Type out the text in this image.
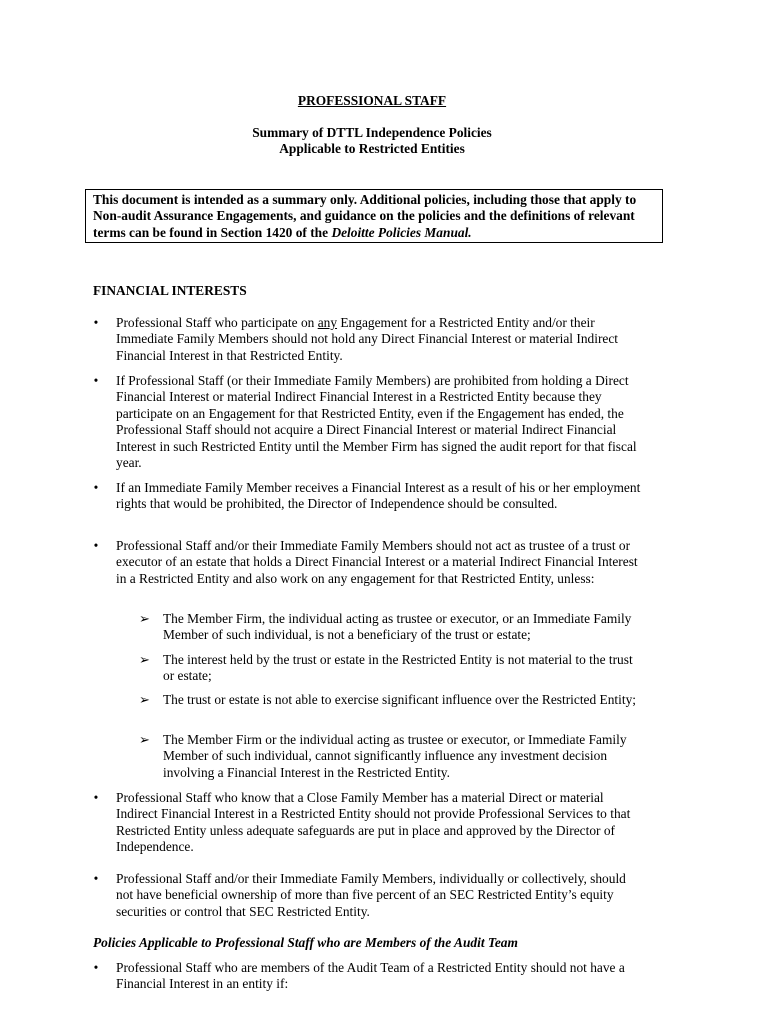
PROFESSIONAL STAFF
Summary of DTTL Independence Policies
Applicable to Restricted Entities
This document is intended as a summary only. Additional policies, including those that apply to Non-audit Assurance Engagements, and guidance on the policies and the definitions of relevant terms can be found in Section 1420 of the Deloitte Policies Manual.
FINANCIAL INTERESTS
• Professional Staff who participate on any Engagement for a Restricted Entity and/or their Immediate Family Members should not hold any Direct Financial Interest or material Indirect Financial Interest in that Restricted Entity.
• If Professional Staff (or their Immediate Family Members) are prohibited from holding a Direct Financial Interest or material Indirect Financial Interest in a Restricted Entity because they participate on an Engagement for that Restricted Entity, even if the Engagement has ended, the Professional Staff should not acquire a Direct Financial Interest or material Indirect Financial Interest in such Restricted Entity until the Member Firm has signed the audit report for that fiscal year.
• If an Immediate Family Member receives a Financial Interest as a result of his or her employment rights that would be prohibited, the Director of Independence should be consulted.
• Professional Staff and/or their Immediate Family Members should not act as trustee of a trust or executor of an estate that holds a Direct Financial Interest or a material Indirect Financial Interest in a Restricted Entity and also work on any engagement for that Restricted Entity, unless:
➢ The Member Firm, the individual acting as trustee or executor, or an Immediate Family Member of such individual, is not a beneficiary of the trust or estate;
➢ The interest held by the trust or estate in the Restricted Entity is not material to the trust or estate;
➢ The trust or estate is not able to exercise significant influence over the Restricted Entity;
➢ The Member Firm or the individual acting as trustee or executor, or Immediate Family Member of such individual, cannot significantly influence any investment decision involving a Financial Interest in the Restricted Entity.
• Professional Staff who know that a Close Family Member has a material Direct or material Indirect Financial Interest in a Restricted Entity should not provide Professional Services to that Restricted Entity unless adequate safeguards are put in place and approved by the Director of Independence.
• Professional Staff and/or their Immediate Family Members, individually or collectively, should not have beneficial ownership of more than five percent of an SEC Restricted Entity’s equity securities or control that SEC Restricted Entity.
Policies Applicable to Professional Staff who are Members of the Audit Team
• Professional Staff who are members of the Audit Team of a Restricted Entity should not have a Financial Interest in an entity if:
